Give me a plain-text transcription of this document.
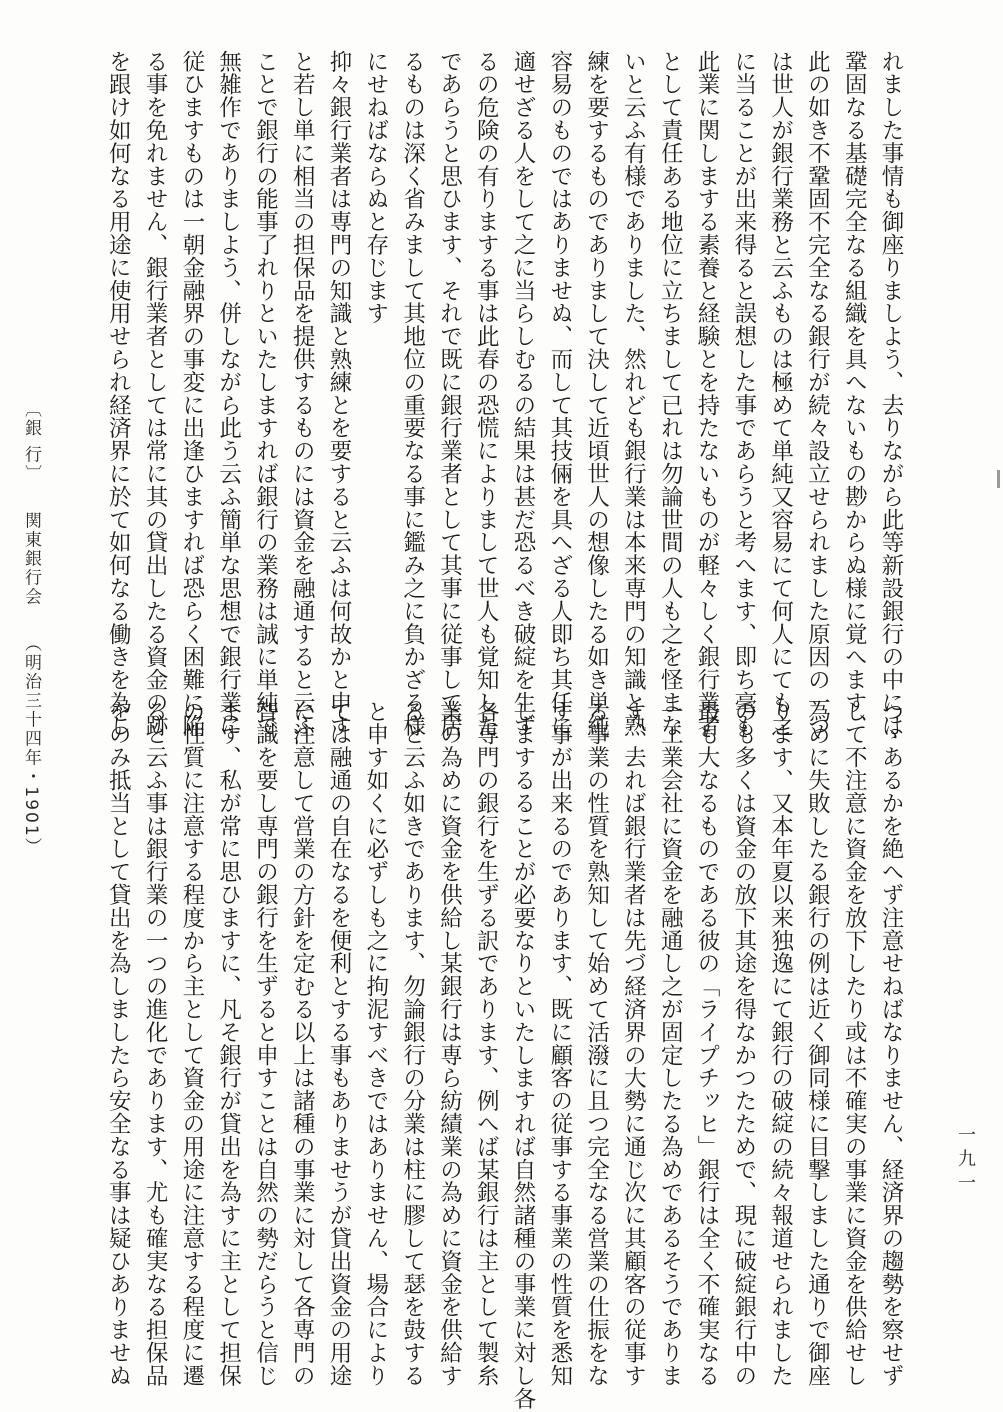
れました事情も御座りましよう、去りながら此等新設銀行の中には
鞏固なる基礎完全なる組織を具へないもの尠からぬ様に覚へます、
此の如き不鞏固不完全なる銀行が続々設立せられました原因の一つ
は世人が銀行業務と云ふものは極めて単純又容易にて何人にても之
に当ることが出来得ると誤想した事であらうと考へます、即ち毫も
此業に関しまする素養と経験とを持たないものが軽々しく銀行業者
として責任ある地位に立ちまして已れは勿論世間の人も之を怪まな
いと云ふ有様でありました、然れども銀行業は本来専門の知識と熟
練を要するものでありまして決して近頃世人の想像したる如き単純
容易のものではありませぬ、而して其技倆を具へざる人即ち其任に
適せざる人をして之に当らしむるの結果は甚だ恐るべき破綻を生ず
るの危険の有りまする事は此春の恐慌によりまして世人も覚知した
であらうと思ひます、それで既に銀行業者として其事に従事して居
るものは深く省みまして其地位の重要なる事に鑑み之に負かざる様
にせねばならぬと存じます
抑々銀行業者は専門の知識と熟練とを要すると云ふは何故かと申す
と若し単に相当の担保品を提供するものには資金を融通すると云ふ
ことで銀行の能事了れりといたしますれば銀行の業務は誠に単純で
無雑作でありましよう、併しながら此う云ふ簡単な思想で銀行業に
従ひますものは一朝金融界の事変に出逢ひますれば恐らく困難に陥
る事を免れません、銀行業者としては常に其の貸出したる資金の跡
を跟け如何なる用途に使用せられ経済界に於て如何なる働きを為し
つゝあるかを絶へず注意せねばなりません、経済界の趨勢を察せず
して不注意に資金を放下したり或は不確実の事業に資金を供給せし
為めに失敗したる銀行の例は近く御同様に目撃しました通りで御座
ります、又本年夏以来独逸にて銀行の破綻の続々報道せられました
のも多くは資金の放下其途を得なかつたためで、現に破綻銀行中の
最も大なるものである彼の「ライプチッヒ」銀行は全く不確実なる
一工業会社に資金を融通し之が固定したる為めであるそうでありま
す、去れば銀行業者は先づ経済界の大勢に通じ次に其顧客の従事す
る事業の性質を熟知して始めて活潑に且つ完全なる営業の仕振をな
す事が出来るのであります、既に顧客の従事する事業の性質を悉知
しまするることが必要なりといたしますれば自然諸種の事業に対し各
各専門の銀行を生ずる訳であります、例へば某銀行は主として製糸
業の為めに資金を供給し某銀行は専ら紡績業の為めに資金を供給す
ると云ふ如きであります、勿論銀行の分業は柱に膠して瑟を鼓する
と申す如くに必ずしも之に拘泥すべきではありません、場合により
ては融通の自在なるを便利とする事もありませうが貸出資金の用途
に注意して営業の方針を定むる以上は諸種の事業に対して各専門の
智識を要し専門の銀行を生ずると申すことは自然の勢だらうと信じ
ます、私が常に思ひますに、凡そ銀行が貸出を為すに主として担保
の性質に注意する程度から主として資金の用途に注意する程度に遷
ると云ふ事は銀行業の一つの進化であります、尤も確実なる担保品
をのみ抵当として貸出を為しましたら安全なる事は疑ひありませぬ
〔銀 行〕関東銀行会（明治三十四年・1901）
一九一
